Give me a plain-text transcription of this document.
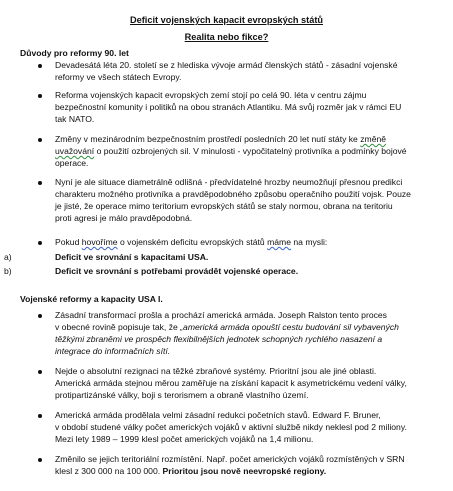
Deficit vojenských kapacit evropských států
Realita nebo fikce?
Důvody pro reformy 90. let
Devadesátá léta 20. století se z hlediska vývoje armád členských států - zásadní vojenské
reformy ve všech státech Evropy.
Reforma vojenských kapacit evropských zemí stojí po celá 90. léta v centru zájmu
bezpečnostní komunity i politiků na obou stranách Atlantiku. Má svůj rozměr jak v rámci EU
tak NATO.
Změny v mezinárodním bezpečnostním prostředí posledních 20 let nutí státy ke změně
uvažování o použití ozbrojených sil. V minulosti - vypočitatelný protivníka a podmínky bojové
operace.
Nyní je ale situace diametrálně odlišná - předvídatelné hrozby neumožňují přesnou predikci
charakteru možného protivníka a pravděpodobného způsobu operačního použití vojsk. Pouze
je jisté, že operace mimo teritorium evropských států se staly normou, obrana na teritoriu
proti agresi je málo pravděpodobná.
Pokud hovoříme o vojenském deficitu evropských států máme na mysli:
a)	Deficit ve srovnání s kapacitami USA.
b)	Deficit ve srovnání s potřebami provádět vojenské operace.
Vojenské reformy a kapacity USA I.
Zásadní transformací prošla a prochází americká armáda. Joseph Ralston tento proces
v obecné rovině popisuje tak, že „americká armáda opouští cestu budování sil vybavených
těžkými zbraněmi ve prospěch flexibilnějších jednotek schopných rychlého nasazení a
integrace do informačních sítí.
Nejde o absolutní rezignaci na těžké zbraňové systémy. Prioritní jsou ale jiné oblasti.
Americká armáda stejnou měrou zaměřuje na získání kapacit k asymetrickému vedení války,
protipartizánské války, boji s terorismem a obraně vlastního území.
Americká armáda prodělala velmi zásadní redukci početních stavů. Edward F. Bruner,
v období studené války počet amerických vojáků v aktivní službě nikdy neklesl pod 2 miliony.
Mezi lety 1989 – 1999 klesl počet amerických vojáků na 1,4 milionu.
Změnilo se jejich teritoriální rozmístění. Např. počet amerických vojáků rozmístěných v SRN
klesl z 300 000 na 100 000. Prioritou jsou nově neevropské regiony.
